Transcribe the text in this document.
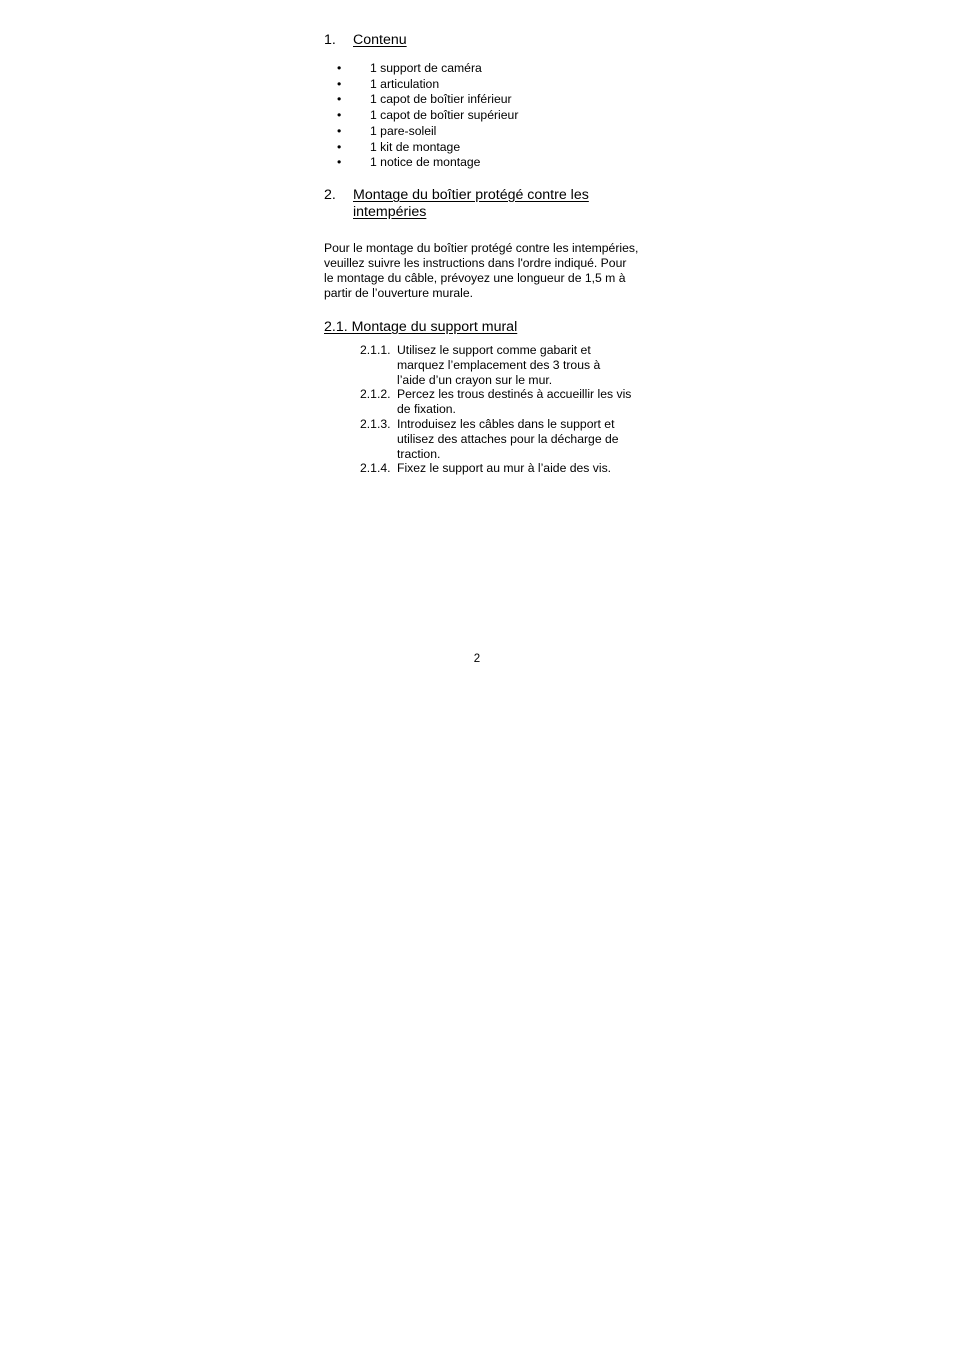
1. Contenu
• 1 support de caméra
• 1 articulation
• 1 capot de boîtier inférieur
• 1 capot de boîtier supérieur
• 1 pare-soleil
• 1 kit de montage
• 1 notice de montage
2. Montage du boîtier protégé contre les
intempéries

Pour le montage du boîtier protégé contre les intempéries, veuillez suivre les instructions dans l'ordre indiqué. Pour le montage du câble, prévoyez une longueur de 1,5 m à partir de l’ouverture murale.

2.1. Montage du support mural
2.1.1. Utilisez le support comme gabarit et marquez l’emplacement des 3 trous à l’aide d’un crayon sur le mur.
2.1.2. Percez les trous destinés à accueillir les vis de fixation.
2.1.3. Introduisez les câbles dans le support et utilisez des attaches pour la décharge de traction.
2.1.4. Fixez le support au mur à l’aide des vis.
2
